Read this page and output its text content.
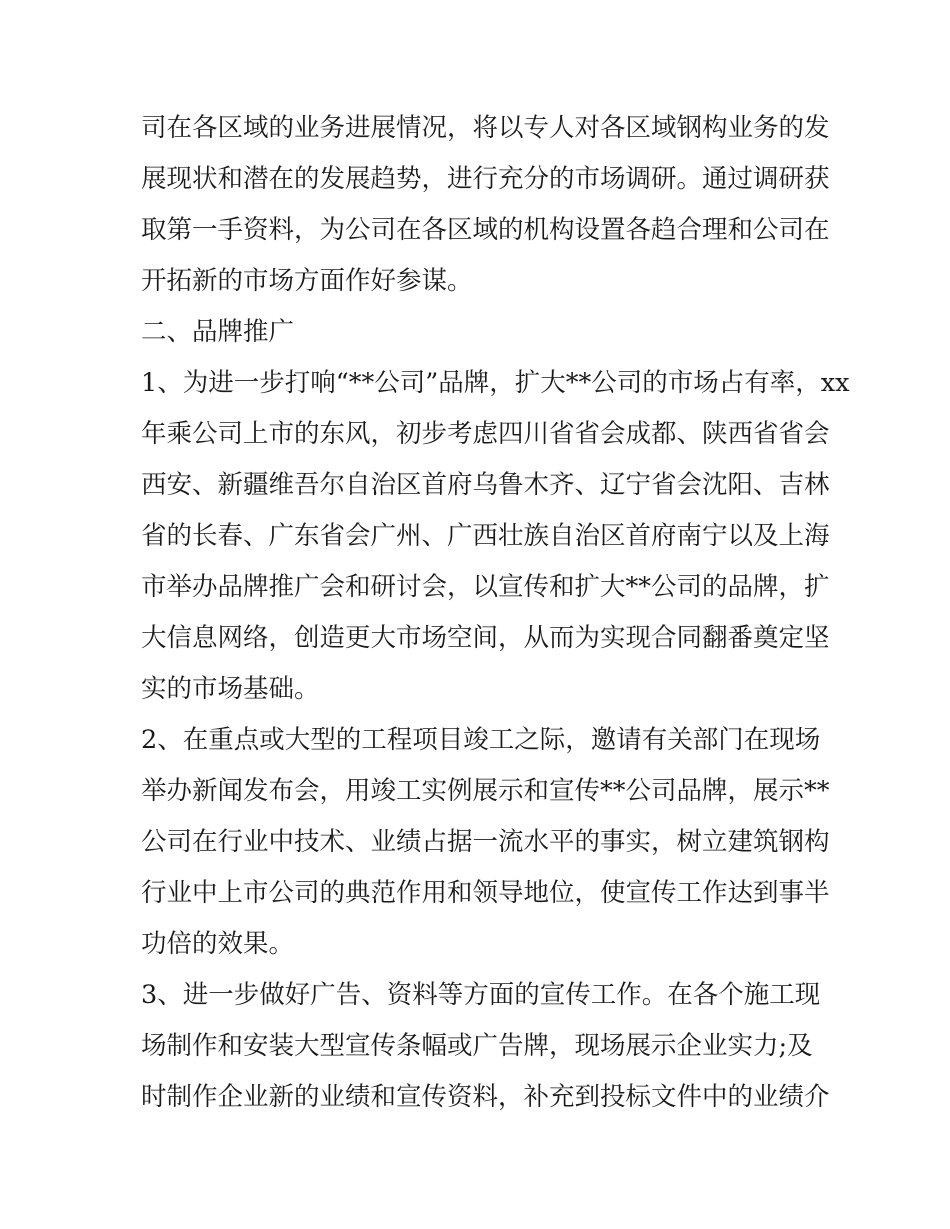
司在各区域的业务进展情况，将以专人对各区域钢构业务的发
展现状和潜在的发展趋势，进行充分的市场调研。通过调研获
取第一手资料，为公司在各区域的机构设置各趋合理和公司在
开拓新的市场方面作好参谋。
二、品牌推广
1、为进一步打响“**公司”品牌，扩大**公司的市场占有率，xx
年乘公司上市的东风，初步考虑四川省省会成都、陕西省省会
西安、新疆维吾尔自治区首府乌鲁木齐、辽宁省会沈阳、吉林
省的长春、广东省会广州、广西壮族自治区首府南宁以及上海
市举办品牌推广会和研讨会，以宣传和扩大**公司的品牌，扩
大信息网络，创造更大市场空间，从而为实现合同翻番奠定坚
实的市场基础。
2、在重点或大型的工程项目竣工之际，邀请有关部门在现场
举办新闻发布会，用竣工实例展示和宣传**公司品牌，展示**
公司在行业中技术、业绩占据一流水平的事实，树立建筑钢构
行业中上市公司的典范作用和领导地位，使宣传工作达到事半
功倍的效果。
3、进一步做好广告、资料等方面的宣传工作。在各个施工现
场制作和安装大型宣传条幅或广告牌，现场展示企业实力;及
时制作企业新的业绩和宣传资料，补充到投标文件中的业绩介
